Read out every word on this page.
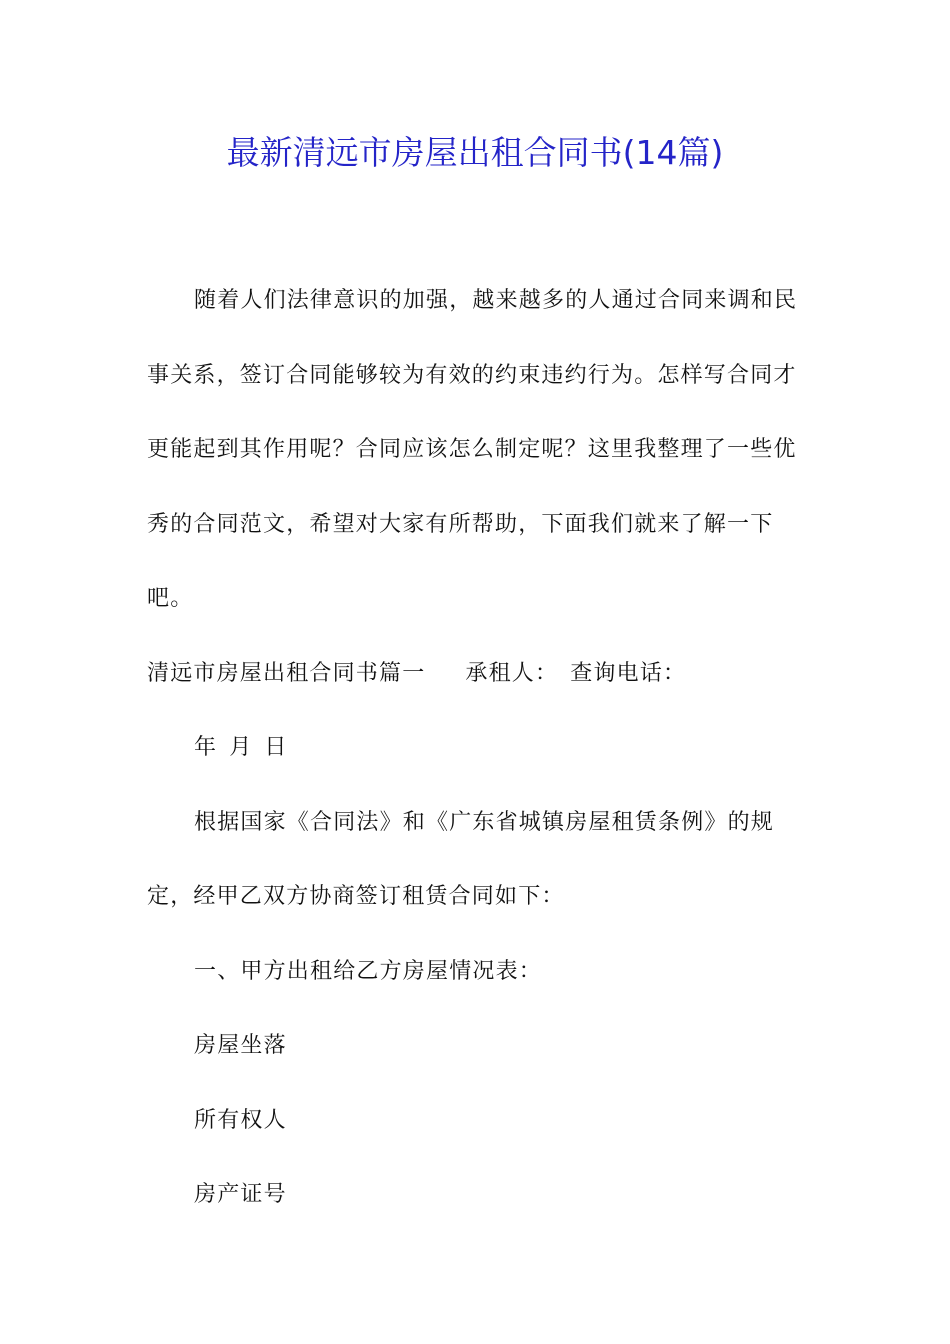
最新清远市房屋出租合同书(14篇)

随着人们法律意识的加强，越来越多的人通过合同来调和民事关系，签订合同能够较为有效的约束违约行为。怎样写合同才更能起到其作用呢？合同应该怎么制定呢？这里我整理了一些优秀的合同范文，希望对大家有所帮助，下面我们就来了解一下吧。

清远市房屋出租合同书篇一 承租人： 查询电话：

年 月 日

根据国家《合同法》和《广东省城镇房屋租赁条例》的规定，经甲乙双方协商签订租赁合同如下：

一、甲方出租给乙方房屋情况表：

房屋坐落

所有权人

房产证号
